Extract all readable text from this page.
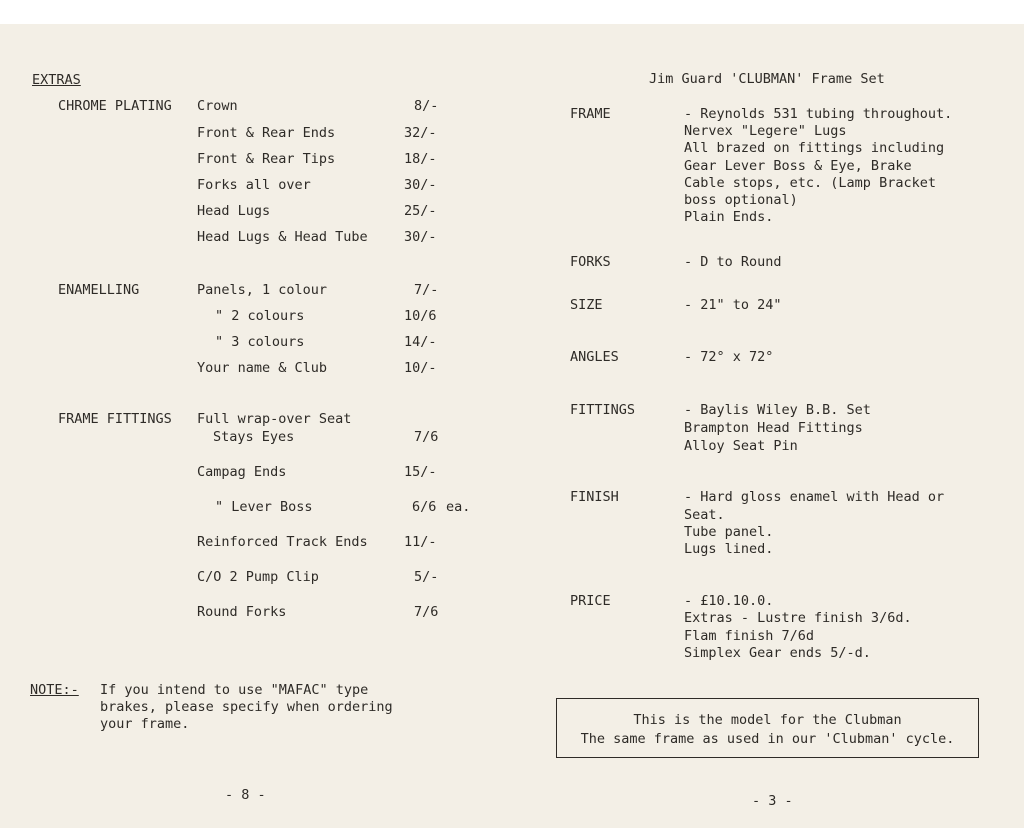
EXTRAS
CHROME PLATING Crown	8/-
Front & Rear Ends	32/-
Front & Rear Tips	18/-
Forks all over	30/-
Head Lugs	25/-
Head Lugs & Head Tube	30/-
ENAMELLING	Panels, 1 colour	7/-
" 2 colours	10/6
" 3 colours	14/-
Your name & Club	10/-
FRAME FITTINGS Full wrap-over Seat
Stays Eyes	7/6
Campag Ends	15/-
" Lever Boss	6/6 ea.
Reinforced Track Ends	11/-
C/O 2 Pump Clip	5/-
Round Forks	7/6
NOTE:- If you intend to use "MAFAC" type
brakes, please specify when ordering
your frame.
- 8 -
Jim Guard 'CLUBMAN' Frame Set
FRAME	- Reynolds 531 tubing throughout.
Nervex "Legere" Lugs
All brazed on fittings including
Gear Lever Boss & Eye, Brake
Cable stops, etc. (Lamp Bracket
boss optional)
Plain Ends.
FORKS	- D to Round
SIZE	- 21" to 24"
ANGLES	- 72° x 72°
FITTINGS	- Baylis Wiley B.B. Set
Brampton Head Fittings
Alloy Seat Pin
FINISH	- Hard gloss enamel with Head or
Seat.
Tube panel.
Lugs lined.
PRICE	- £10.10.0.
Extras - Lustre finish 3/6d.
Flam finish 7/6d
Simplex Gear ends 5/-d.
This is the model for the Clubman
The same frame as used in our 'Clubman' cycle.
- 3 -
